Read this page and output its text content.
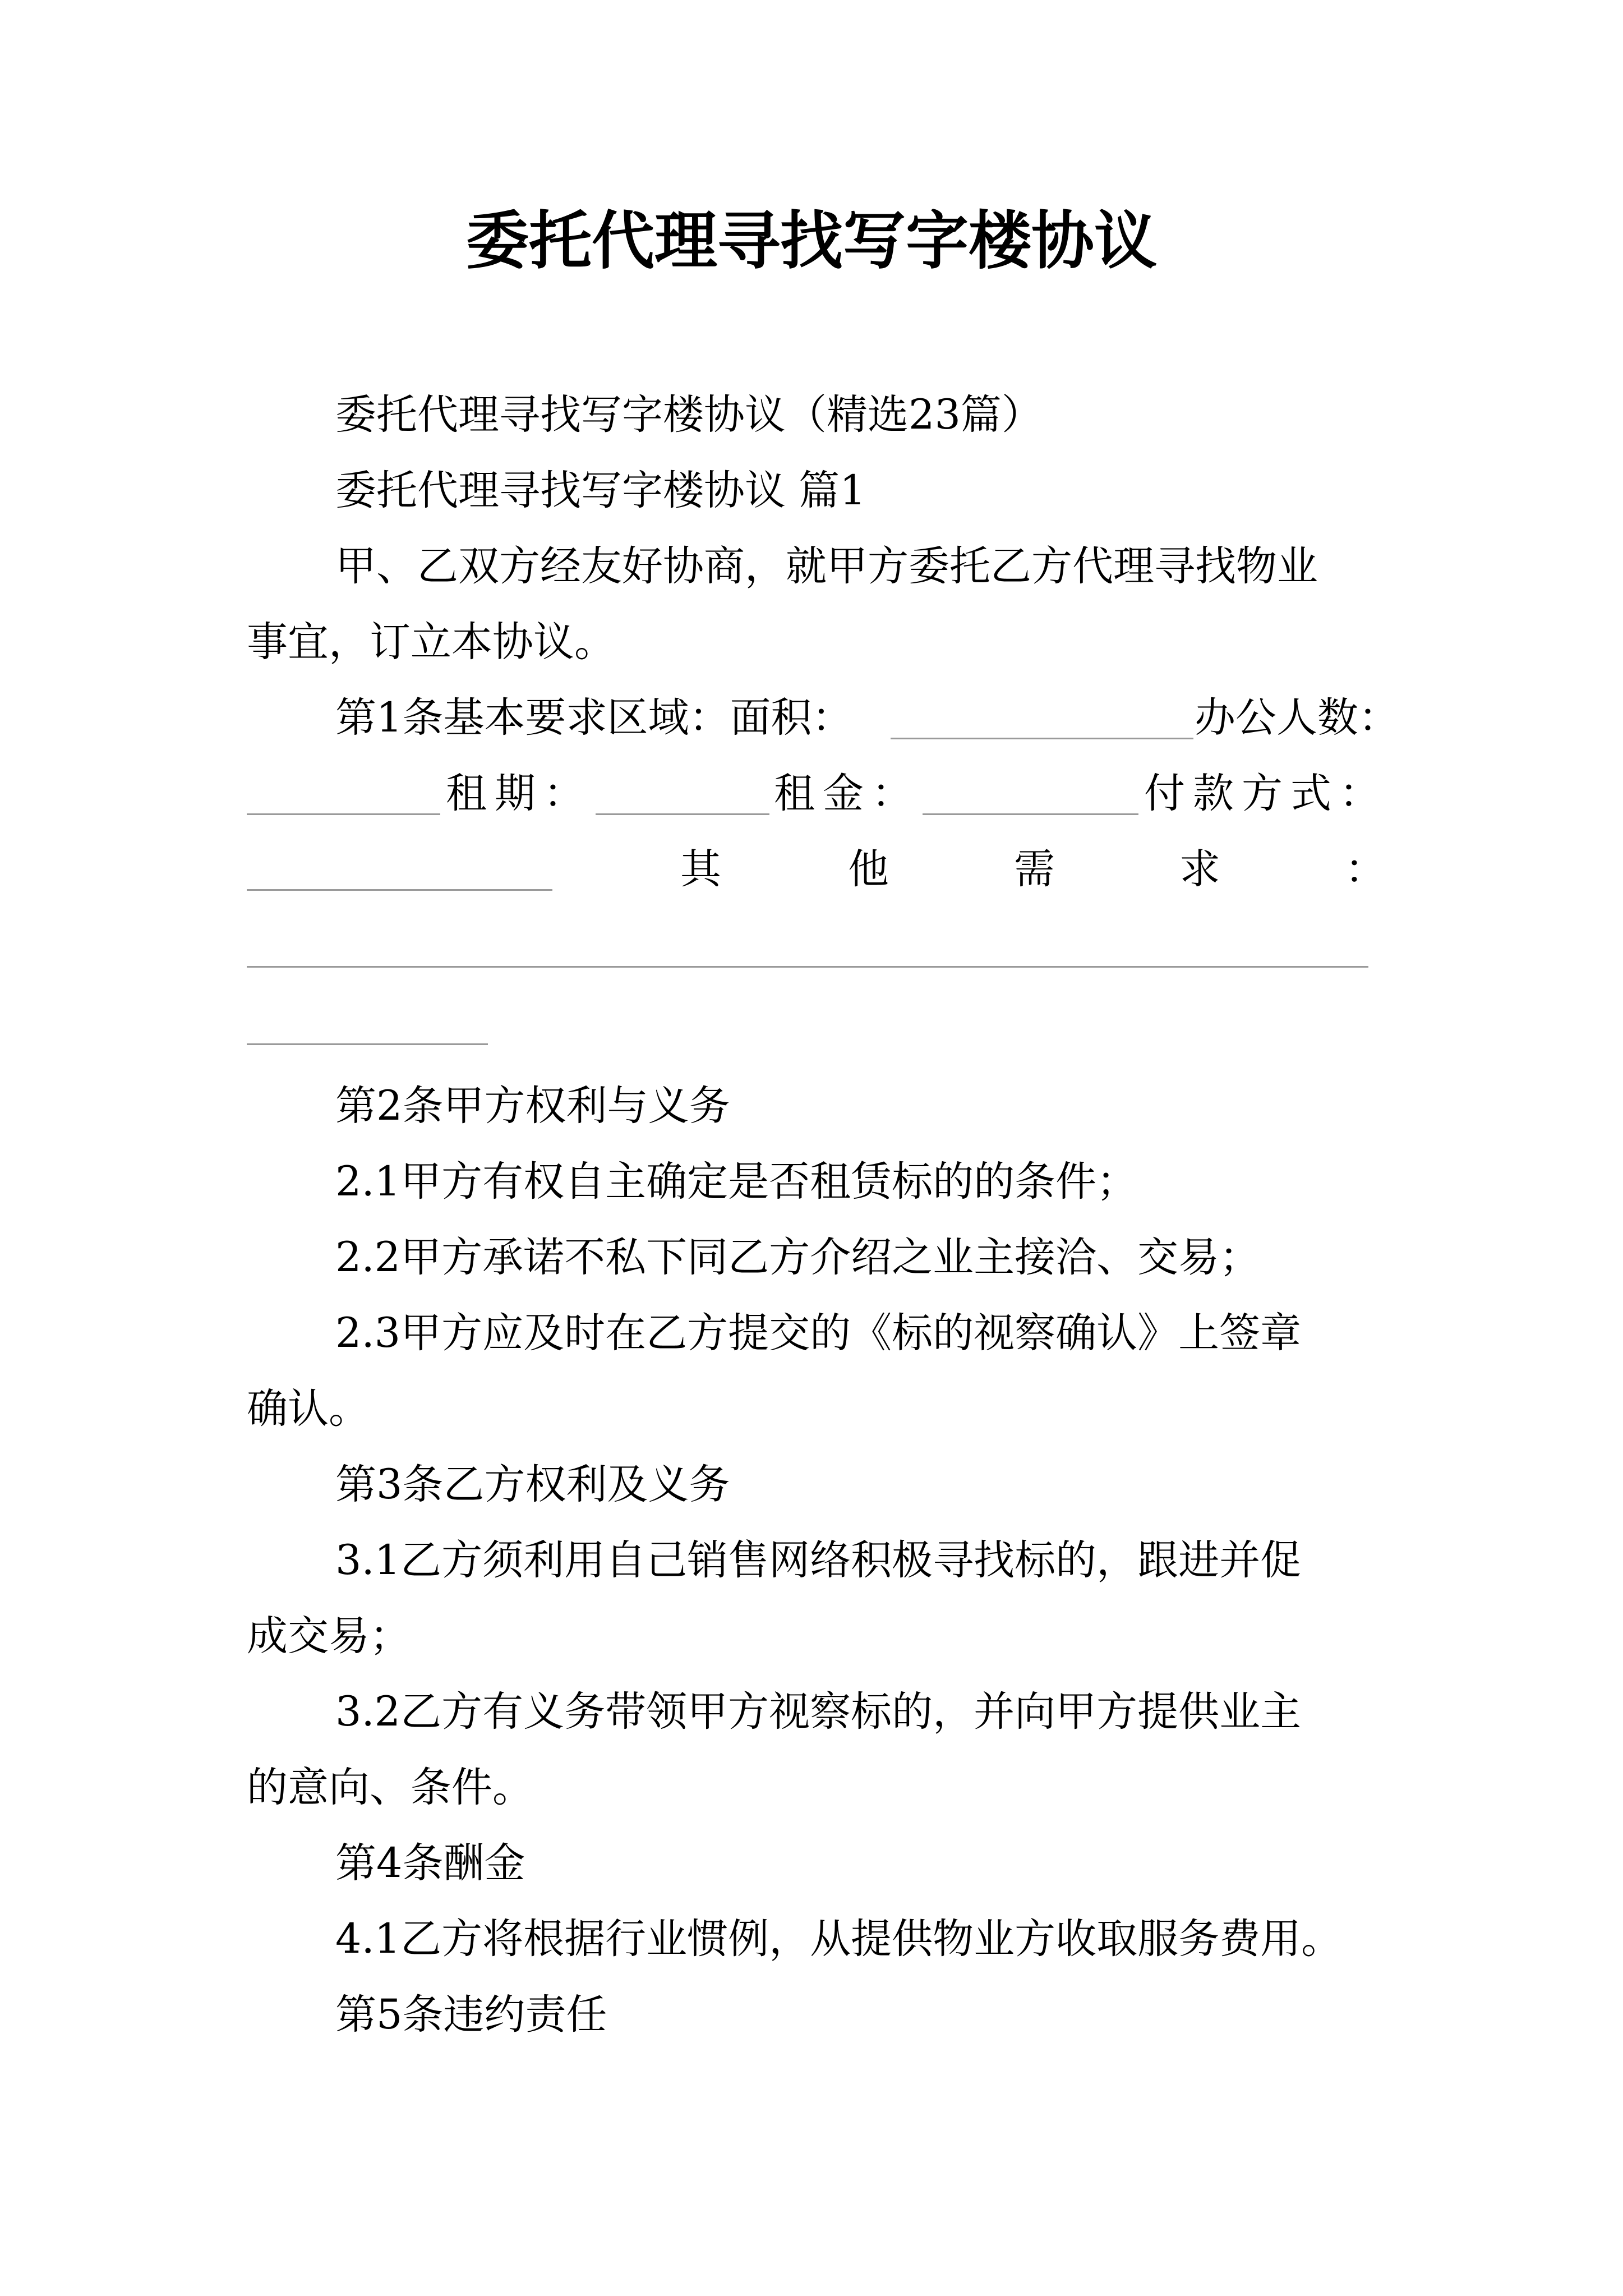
委托代理寻找写字楼协议
委托代理寻找写字楼协议（精选23篇）
委托代理寻找写字楼协议 篇1
甲、乙双方经友好协商，就甲方委托乙方代理寻找物业
事宜，订立本协议。
第1条基本要求区域：面积：	办公人数：
租期：	租金：	付款方式：
其	他	需	求	：
第2条甲方权利与义务
2.1甲方有权自主确定是否租赁标的的条件；
2.2甲方承诺不私下同乙方介绍之业主接洽、交易；
2.3甲方应及时在乙方提交的《标的视察确认》上签章
确认。
第3条乙方权利及义务
3.1乙方须利用自己销售网络积极寻找标的，跟进并促
成交易；
3.2乙方有义务带领甲方视察标的，并向甲方提供业主
的意向、条件。
第4条酬金
4.1乙方将根据行业惯例，从提供物业方收取服务费用。
第5条违约责任
